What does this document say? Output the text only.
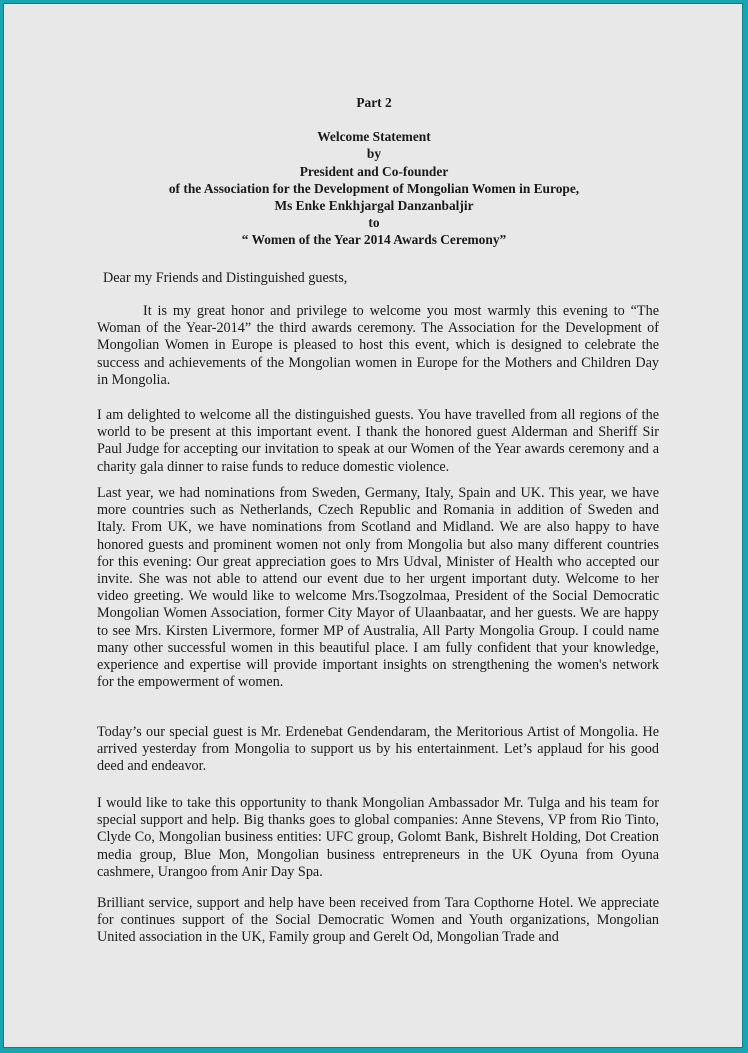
Part 2
Welcome Statement
by
President and Co-founder
of the Association for the Development of Mongolian Women in Europe,
Ms Enke Enkhjargal Danzanbaljir
to
“ Women of the Year 2014 Awards Ceremony”
Dear my Friends and Distinguished guests,
It is my great honor and privilege to welcome you most warmly this evening to “The Woman of the Year-2014” the third awards ceremony. The Association for the Development of Mongolian Women in Europe is pleased to host this event, which is designed to celebrate the success and achievements of the Mongolian women in Europe for the Mothers and Children Day in Mongolia.
I am delighted to welcome all the distinguished guests. You have travelled from all regions of the world to be present at this important event. I thank the honored guest Alderman and Sheriff Sir Paul Judge for accepting our invitation to speak at our Women of the Year awards ceremony and a charity gala dinner to raise funds to reduce domestic violence.
Last year, we had nominations from Sweden, Germany, Italy, Spain and UK. This year, we have more countries such as Netherlands, Czech Republic and Romania in addition of Sweden and Italy. From UK, we have nominations from Scotland and Midland. We are also happy to have honored guests and prominent women not only from Mongolia but also many different countries for this evening: Our great appreciation goes to Mrs Udval, Minister of Health who accepted our invite. She was not able to attend our event due to her urgent important duty. Welcome to her video greeting. We would like to welcome Mrs.Tsogzolmaa, President of the Social Democratic Mongolian Women Association, former City Mayor of Ulaanbaatar, and her guests. We are happy to see Mrs. Kirsten Livermore, former MP of Australia, All Party Mongolia Group. I could name many other successful women in this beautiful place. I am fully confident that your knowledge, experience and expertise will provide important insights on strengthening the women's network for the empowerment of women.
Today’s our special guest is Mr. Erdenebat Gendendaram, the Meritorious Artist of Mongolia. He arrived yesterday from Mongolia to support us by his entertainment. Let’s applaud for his good deed and endeavor.
I would like to take this opportunity to thank Mongolian Ambassador Mr. Tulga and his team for special support and help. Big thanks goes to global companies: Anne Stevens, VP from Rio Tinto, Clyde Co, Mongolian business entities: UFC group, Golomt Bank, Bishrelt Holding, Dot Creation media group, Blue Mon, Mongolian business entrepreneurs in the UK Oyuna from Oyuna cashmere, Urangoo from Anir Day Spa.
Brilliant service, support and help have been received from Tara Copthorne Hotel. We appreciate for continues support of the Social Democratic Women and Youth organizations, Mongolian United association in the UK, Family group and Gerelt Od, Mongolian Trade and
